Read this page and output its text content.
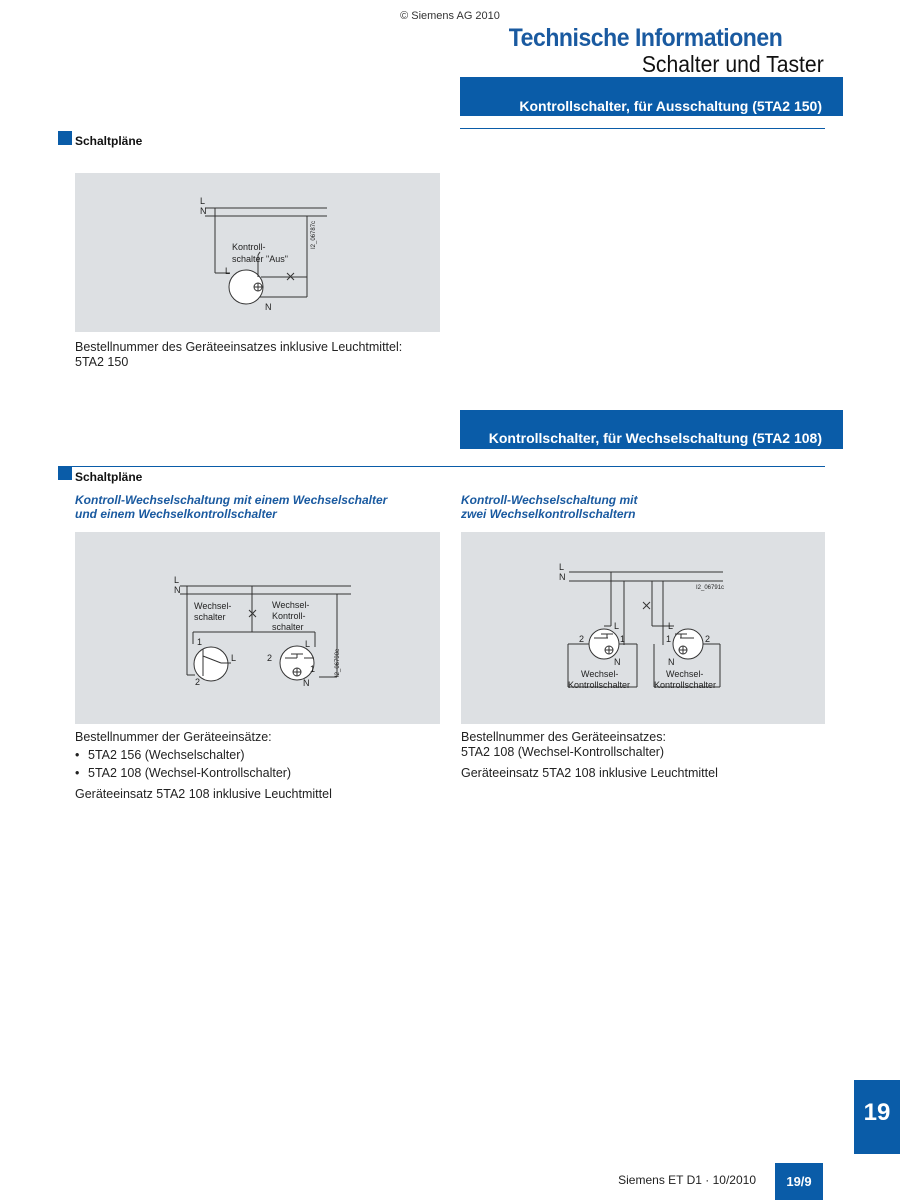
© Siemens AG 2010
Technische Informationen
Schalter und Taster
Kontrollschalter, für Ausschaltung (5TA2 150)
Schaltpläne
L
N
Kontroll-
schalter "Aus"
L
N
I2_06787c
Bestellnummer des Geräteeinsatzes inklusive Leuchtmittel:
5TA2 150
Kontrollschalter, für Wechselschaltung (5TA2 108)
Schaltpläne
Kontroll-Wechselschaltung mit einem Wechselschalter
und einem Wechselkontrollschalter
Kontroll-Wechselschaltung mit
zwei Wechselkontrollschaltern
L
N
Wechsel-
schalter
Wechsel-
Kontroll-
schalter
1
2
L	2
L
1
N
I2_06790c
L
N
I2_06791c
L
2	1
N
L
1	2
N
Wechsel-
Kontrollschalter
Wechsel-
Kontrollschalter
Bestellnummer der Geräteeinsätze:
• 5TA2 156 (Wechselschalter)
• 5TA2 108 (Wechsel-Kontrollschalter)
Geräteeinsatz 5TA2 108 inklusive Leuchtmittel
Bestellnummer des Geräteeinsatzes:
5TA2 108 (Wechsel-Kontrollschalter)
Geräteeinsatz 5TA2 108 inklusive Leuchtmittel
19
Siemens ET D1 · 10/2010	19/9
